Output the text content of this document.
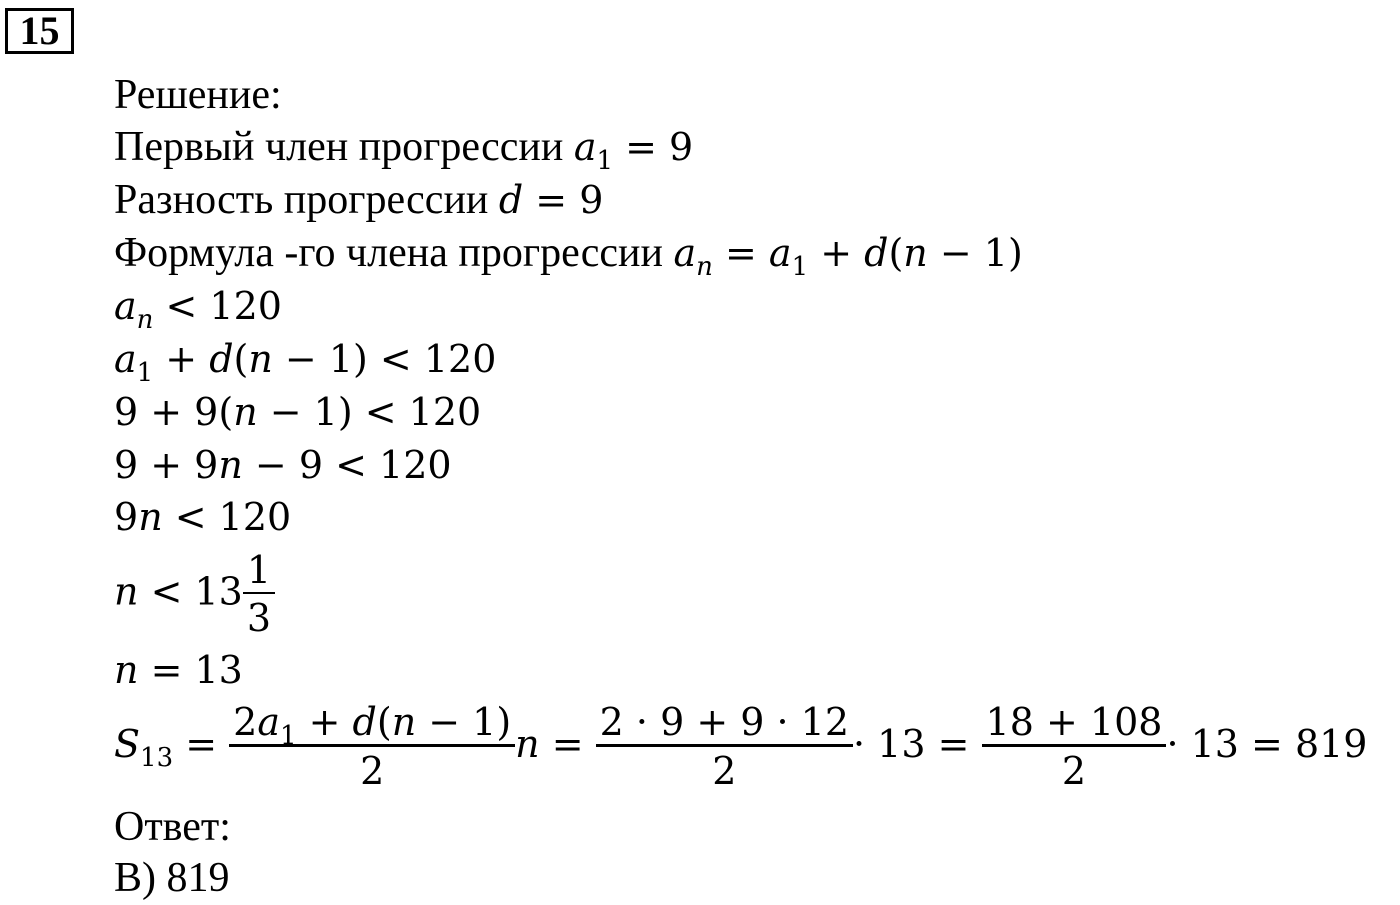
15
Решение:
Первый член прогрессии $a_1 = 9$
Разность прогрессии d = 9
Формула -го члена прогрессии $a_n = a_1 + d(n - 1)$
$a_n < 120$
$a_1 + d(n - 1) < 120$
9 + 9(n − 1) < 120
9 + 9n − 9 < 120
9n < 120
$n < 13 \frac{1}{3}$
n = 13
$S_{13} = \frac{2a_1 + d(n - 1)}{2}$ $n = \frac{2 \cdot 9 + 9 \cdot 12}{2} \cdot 13 = \frac{18 + 108}{2} \cdot 13 = 819$
Ответ:
В) 819
